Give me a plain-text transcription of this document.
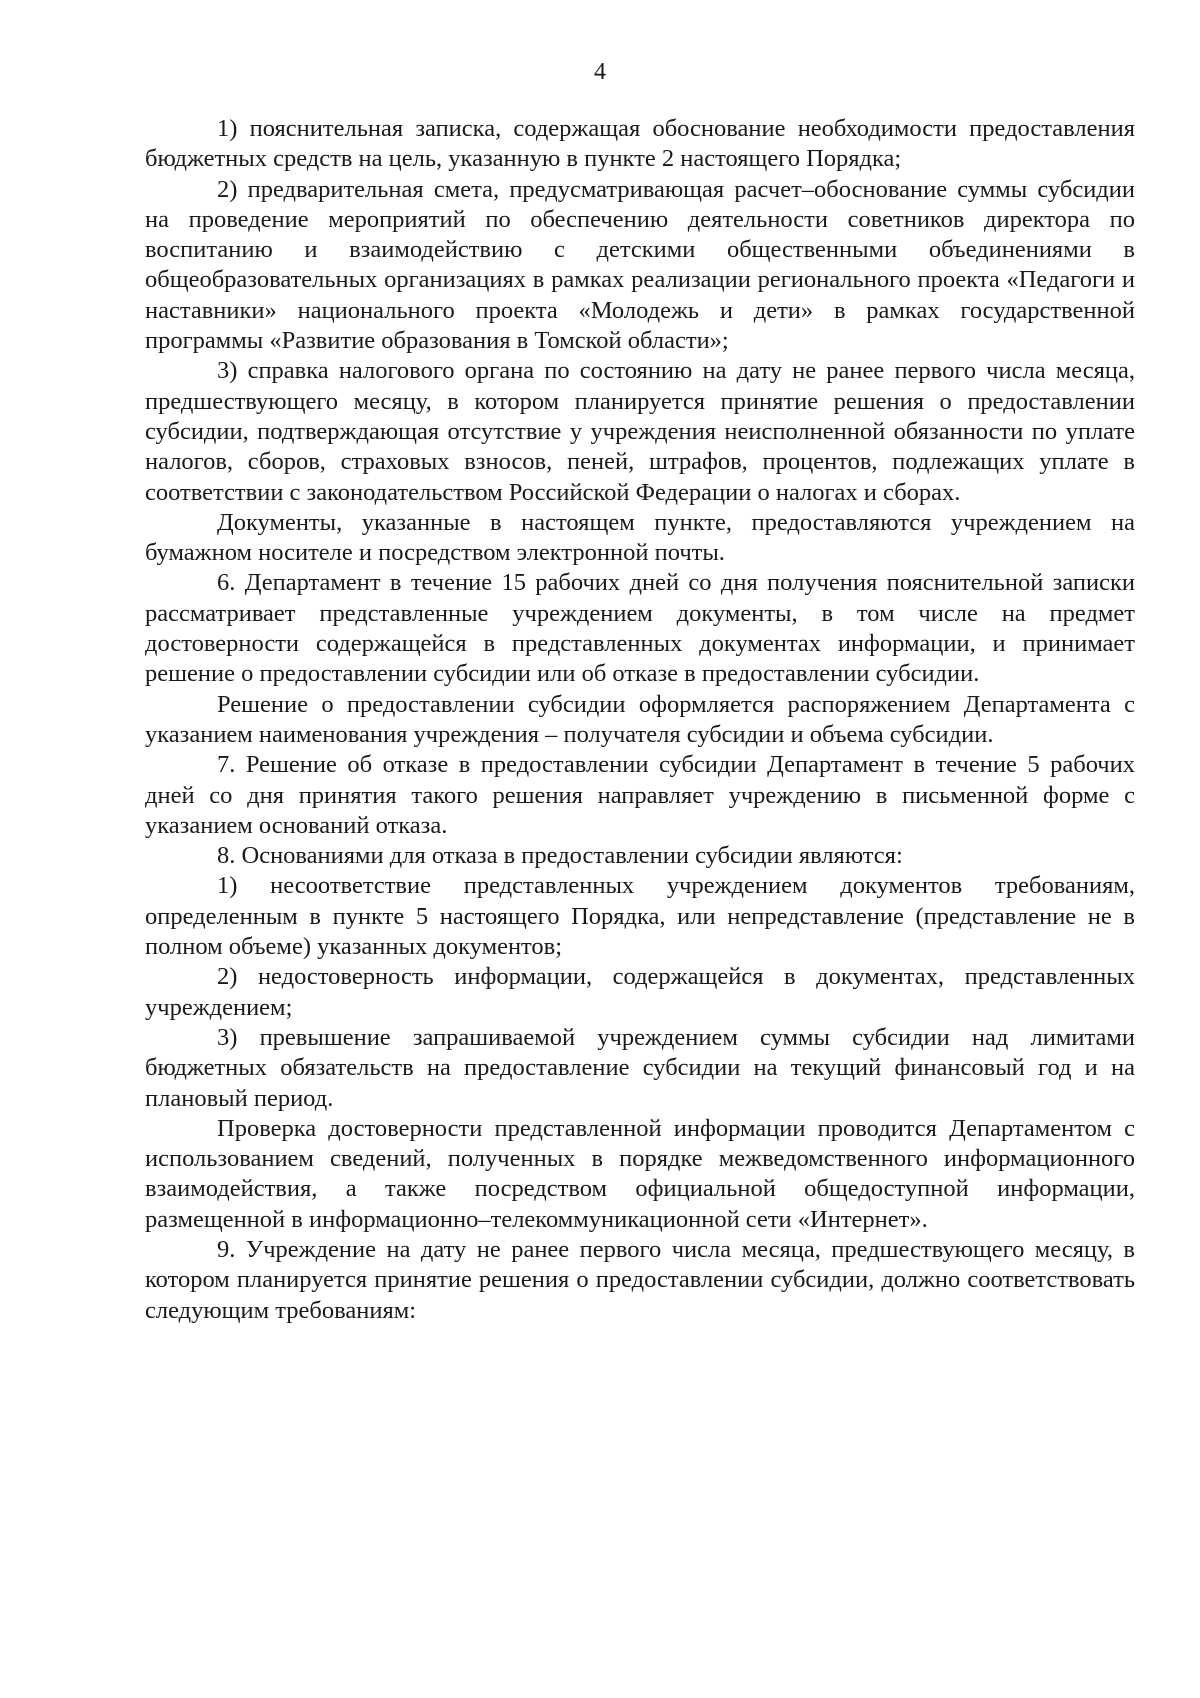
4

1) пояснительная записка, содержащая обоснование необходимости предоставления бюджетных средств на цель, указанную в пункте 2 настоящего Порядка;

2) предварительная смета, предусматривающая расчет–обоснование суммы субсидии на проведение мероприятий по обеспечению деятельности советников директора по воспитанию и взаимодействию с детскими общественными объединениями в общеобразовательных организациях в рамках реализации регионального проекта «Педагоги и наставники» национального проекта «Молодежь и дети» в рамках государственной программы «Развитие образования в Томской области»;

3) справка налогового органа по состоянию на дату не ранее первого числа месяца, предшествующего месяцу, в котором планируется принятие решения о предоставлении субсидии, подтверждающая отсутствие у учреждения неисполненной обязанности по уплате налогов, сборов, страховых взносов, пеней, штрафов, процентов, подлежащих уплате в соответствии с законодательством Российской Федерации о налогах и сборах.

Документы, указанные в настоящем пункте, предоставляются учреждением на бумажном носителе и посредством электронной почты.

6. Департамент в течение 15 рабочих дней со дня получения пояснительной записки рассматривает представленные учреждением документы, в том числе на предмет достоверности содержащейся в представленных документах информации, и принимает решение о предоставлении субсидии или об отказе в предоставлении субсидии.

Решение о предоставлении субсидии оформляется распоряжением Департамента с указанием наименования учреждения – получателя субсидии и объема субсидии.

7. Решение об отказе в предоставлении субсидии Департамент в течение 5 рабочих дней со дня принятия такого решения направляет учреждению в письменной форме с указанием оснований отказа.

8. Основаниями для отказа в предоставлении субсидии являются:

1) несоответствие представленных учреждением документов требованиям, определенным в пункте 5 настоящего Порядка, или непредставление (представление не в полном объеме) указанных документов;

2) недостоверность информации, содержащейся в документах, представленных учреждением;

3) превышение запрашиваемой учреждением суммы субсидии над лимитами бюджетных обязательств на предоставление субсидии на текущий финансовый год и на плановый период.

Проверка достоверности представленной информации проводится Департаментом с использованием сведений, полученных в порядке межведомственного информационного взаимодействия, а также посредством официальной общедоступной информации, размещенной в информационно–телекоммуникационной сети «Интернет».

9. Учреждение на дату не ранее первого числа месяца, предшествующего месяцу, в котором планируется принятие решения о предоставлении субсидии, должно соответствовать следующим требованиям:
